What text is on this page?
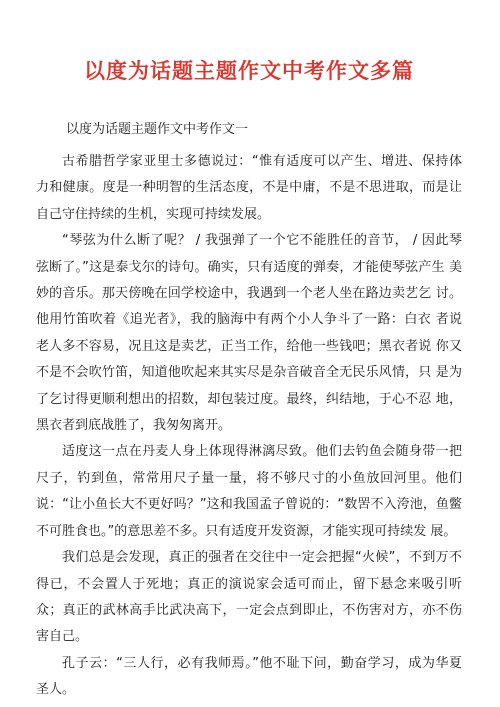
以度为话题主题作文中考作文多篇
以度为话题主题作文中考作文一

古希腊哲学家亚里士多德说过：“惟有适度可以产生、增进、保持体 力和健康。度是一种明智的生活态度，不是中庸，不是不思进取，而是让 自己守住持续的生机，实现可持续发展。

“琴弦为什么断了呢？ / 我强弹了一个它不能胜任的音节， / 因此琴 弦断了。”这是泰戈尔的诗句。确实，只有适度的弹奏，才能使琴弦产生 美妙的音乐。那天傍晚在回学校途中，我遇到一个老人坐在路边卖艺乞 讨。他用竹笛吹着《追光者》，我的脑海中有两个小人争斗了一路：白衣 者说老人多不容易，况且这是卖艺，正当工作，给他一些钱吧；黑衣者说 你又不是不会吹竹笛，知道他吹起来其实尽是杂音破音全无民乐风情，只 是为了乞讨得更顺利想出的招数，却包装过度。最终，纠结地，于心不忍 地，黑衣者到底战胜了，我匆匆离开。

适度这一点在丹麦人身上体现得淋漓尽致。他们去钓鱼会随身带一把 尺子，钓到鱼，常常用尺子量一量，将不够尺寸的小鱼放回河里。他们 说：“让小鱼长大不更好吗？”这和我国孟子曾说的：“数罟不入洿池，鱼鳖 不可胜食也。”的意思差不多。只有适度开发资源，才能实现可持续发 展。

我们总是会发现，真正的强者在交往中一定会把握“火候”，不到万不 得已，不会置人于死地；真正的演说家会适可而止，留下悬念来吸引听 众；真正的武林高手比武决高下，一定会点到即止，不伤害对方，亦不伤 害自己。

孔子云：“三人行，必有我师焉。”他不耻下问，勤奋学习，成为华夏 圣人。
